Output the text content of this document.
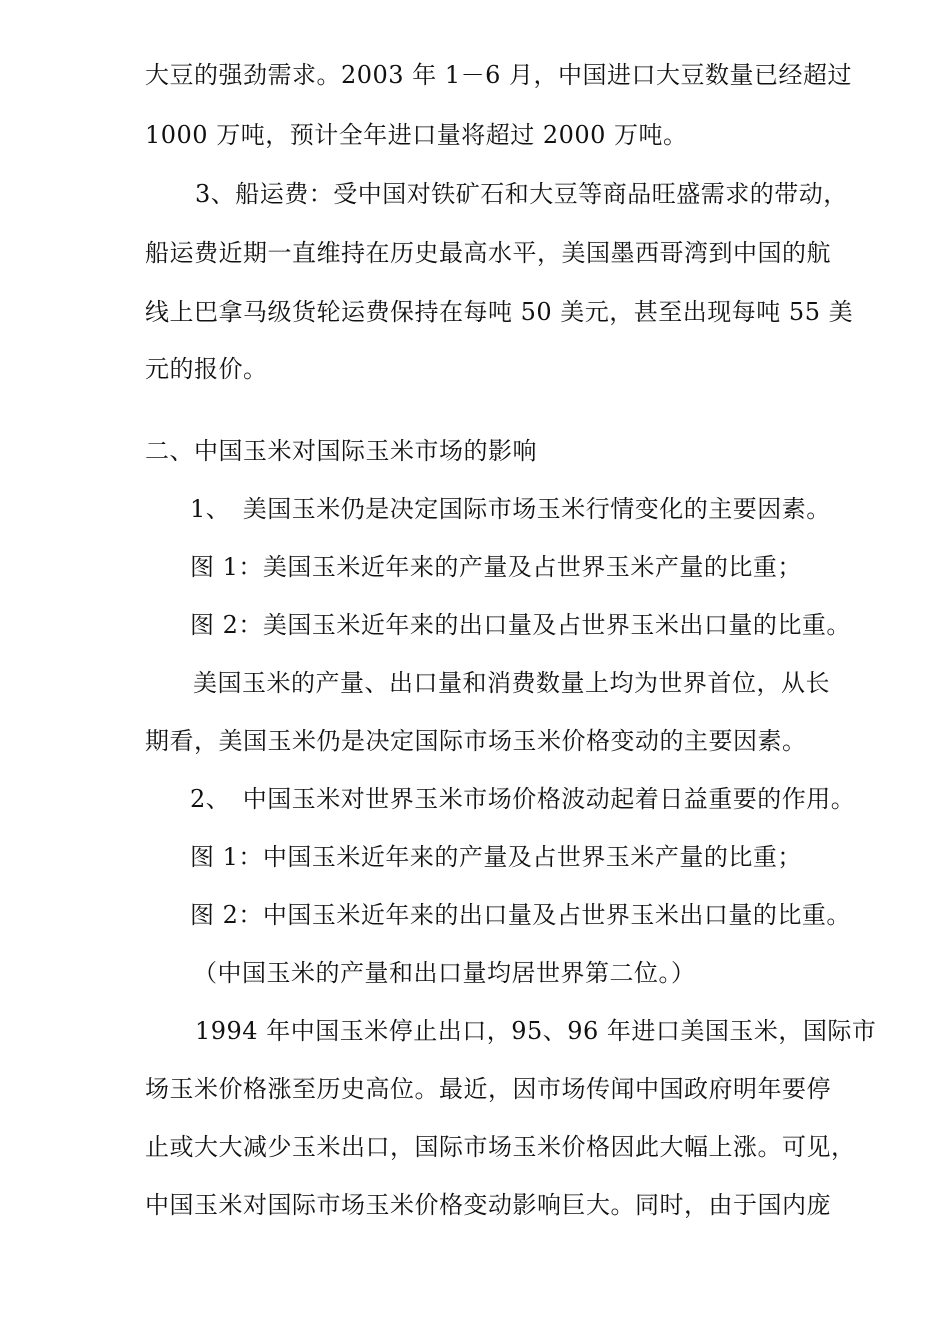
大豆的强劲需求。2003 年 1－6 月，中国进口大豆数量已经超过
1000 万吨，预计全年进口量将超过 2000 万吨。
3、船运费：受中国对铁矿石和大豆等商品旺盛需求的带动，
船运费近期一直维持在历史最高水平，美国墨西哥湾到中国的航
线上巴拿马级货轮运费保持在每吨 50 美元，甚至出现每吨 55 美
元的报价。
二、中国玉米对国际玉米市场的影响
1、　美国玉米仍是决定国际市场玉米行情变化的主要因素。
图 1：美国玉米近年来的产量及占世界玉米产量的比重；
图 2：美国玉米近年来的出口量及占世界玉米出口量的比重。
美国玉米的产量、出口量和消费数量上均为世界首位，从长
期看，美国玉米仍是决定国际市场玉米价格变动的主要因素。
2、　中国玉米对世界玉米市场价格波动起着日益重要的作用。
图 1：中国玉米近年来的产量及占世界玉米产量的比重；
图 2：中国玉米近年来的出口量及占世界玉米出口量的比重。
（中国玉米的产量和出口量均居世界第二位。）
1994 年中国玉米停止出口，95、96 年进口美国玉米，国际市
场玉米价格涨至历史高位。最近，因市场传闻中国政府明年要停
止或大大减少玉米出口，国际市场玉米价格因此大幅上涨。可见，
中国玉米对国际市场玉米价格变动影响巨大。同时，由于国内庞
